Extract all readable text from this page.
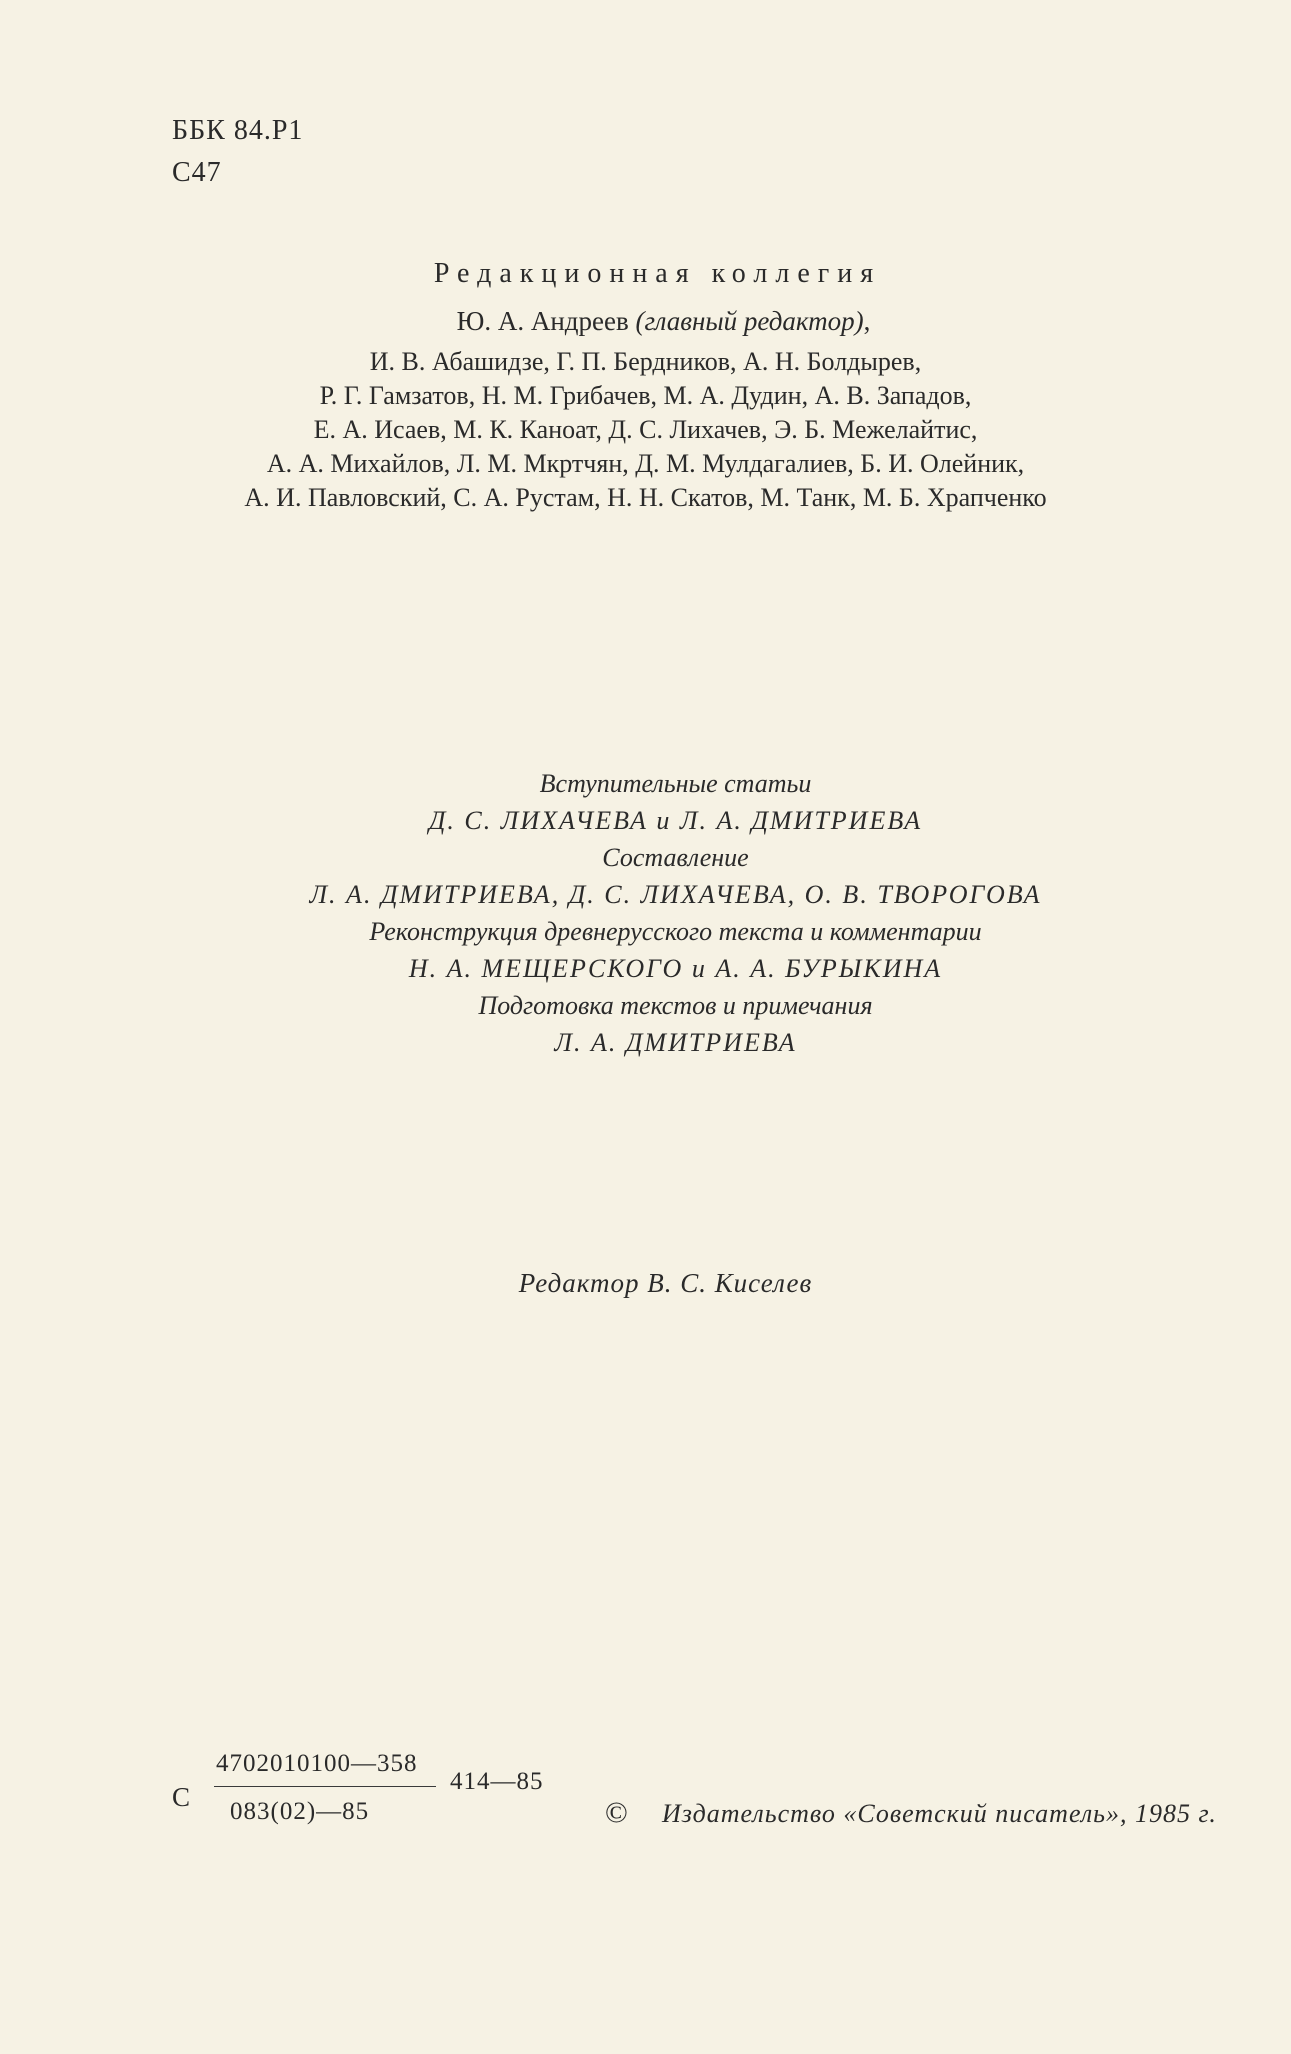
ББК 84.Р1
С47
Редакционная коллегия
Ю. А. Андреев (главный редактор),
И. В. Абашидзе, Г. П. Бердников, А. Н. Болдырев,
Р. Г. Гамзатов, Н. М. Грибачев, М. А. Дудин, А. В. Западов,
Е. А. Исаев, М. К. Каноат, Д. С. Лихачев, Э. Б. Межелайтис,
А. А. Михайлов, Л. М. Мкртчян, Д. М. Мулдагалиев, Б. И. Олейник,
А. И. Павловский, С. А. Рустам, Н. Н. Скатов, М. Танк, М. Б. Храпченко
Вступительные статьи
Д. С. ЛИХАЧЕВА и Л. А. ДМИТРИЕВА
Составление
Л. А. ДМИТРИЕВА, Д. С. ЛИХАЧЕВА, О. В. ТВОРОГОВА
Реконструкция древнерусского текста и комментарии
Н. А. МЕЩЕРСКОГО и А. А. БУРЫКИНА
Подготовка текстов и примечания
Л. А. ДМИТРИЕВА
Редактор В. С. Киселев
С
4702010100—358
083(02)—85
414—85
© Издательство «Советский писатель», 1985 г.
